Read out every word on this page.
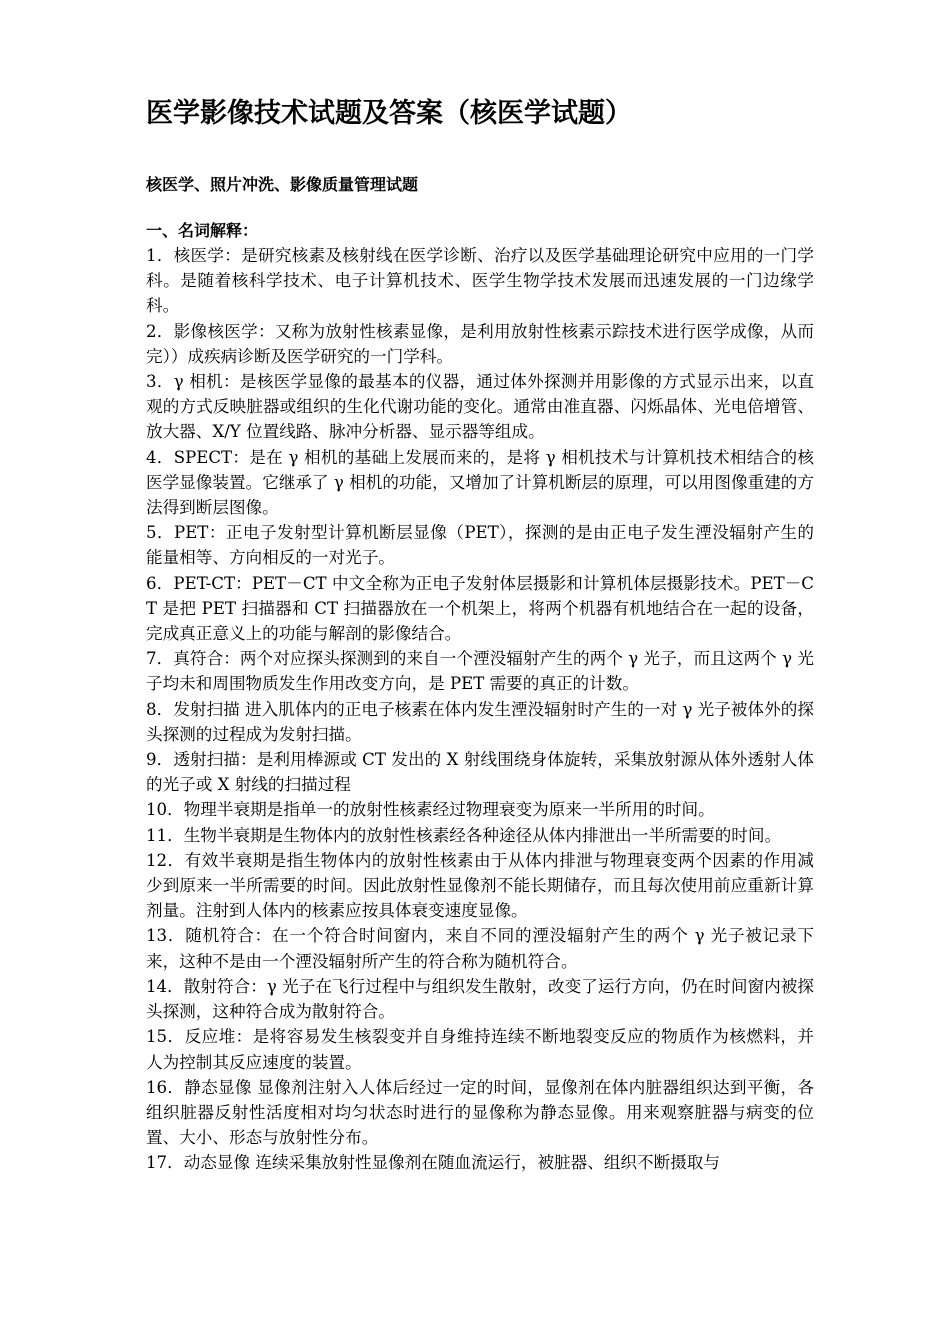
医学影像技术试题及答案（核医学试题）
核医学、照片冲洗、影像质量管理试题
一、名词解释：

1．核医学：是研究核素及核射线在医学诊断、治疗以及医学基础理论研究中应用的一门学科。是随着核科学技术、电子计算机技术、医学生物学技术发展而迅速发展的一门边缘学科。

2．影像核医学：又称为放射性核素显像，是利用放射性核素示踪技术进行医学成像，从而完））成疾病诊断及医学研究的一门学科。

3．γ 相机：是核医学显像的最基本的仪器，通过体外探测并用影像的方式显示出来，以直观的方式反映脏器或组织的生化代谢功能的变化。通常由准直器、闪烁晶体、光电倍增管、放大器、X/Y 位置线路、脉冲分析器、显示器等组成。

4．SPECT：是在 γ 相机的基础上发展而来的，是将 γ 相机技术与计算机技术相结合的核医学显像装置。它继承了 γ 相机的功能，又增加了计算机断层的原理，可以用图像重建的方法得到断层图像。

5．PET：正电子发射型计算机断层显像（PET），探测的是由正电子发生湮没辐射产生的能量相等、方向相反的一对光子。

6．PET-CT：PET－CT 中文全称为正电子发射体层摄影和计算机体层摄影技术。PET－CT 是把 PET 扫描器和 CT 扫描器放在一个机架上，将两个机器有机地结合在一起的设备，完成真正意义上的功能与解剖的影像结合。

7．真符合：两个对应探头探测到的来自一个湮没辐射产生的两个 γ 光子，而且这两个 γ 光子均未和周围物质发生作用改变方向，是 PET 需要的真正的计数。

8．发射扫描 进入肌体内的正电子核素在体内发生湮没辐射时产生的一对 γ 光子被体外的探头探测的过程成为发射扫描。

9．透射扫描：是利用棒源或 CT 发出的 X 射线围绕身体旋转，采集放射源从体外透射人体的光子或 X 射线的扫描过程

10．物理半衰期是指单一的放射性核素经过物理衰变为原来一半所用的时间。

11．生物半衰期是生物体内的放射性核素经各种途径从体内排泄出一半所需要的时间。

12．有效半衰期是指生物体内的放射性核素由于从体内排泄与物理衰变两个因素的作用减少到原来一半所需要的时间。因此放射性显像剂不能长期储存，而且每次使用前应重新计算剂量。注射到人体内的核素应按具体衰变速度显像。

13．随机符合：在一个符合时间窗内，来自不同的湮没辐射产生的两个 γ 光子被记录下来，这种不是由一个湮没辐射所产生的符合称为随机符合。

14．散射符合：γ 光子在飞行过程中与组织发生散射，改变了运行方向，仍在时间窗内被探头探测，这种符合成为散射符合。

15．反应堆：是将容易发生核裂变并自身维持连续不断地裂变反应的物质作为核燃料，并人为控制其反应速度的装置。

16．静态显像 显像剂注射入人体后经过一定的时间，显像剂在体内脏器组织达到平衡，各组织脏器反射性活度相对均匀状态时进行的显像称为静态显像。用来观察脏器与病变的位置、大小、形态与放射性分布。

17．动态显像 连续采集放射性显像剂在随血流运行，被脏器、组织不断摄取与
